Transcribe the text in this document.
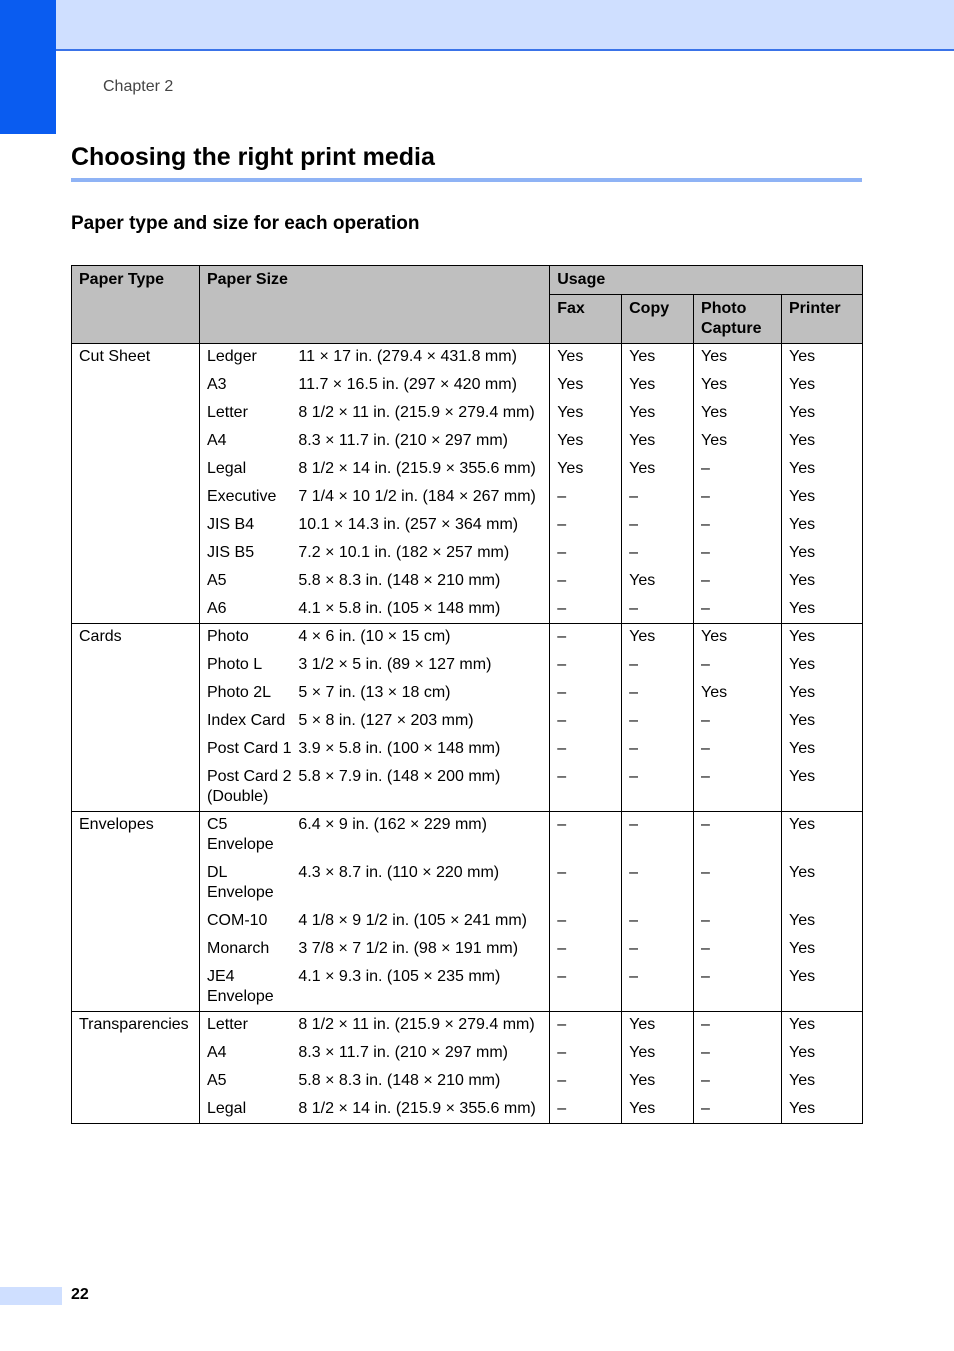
Chapter 2
Choosing the right print media
Paper type and size for each operation
Paper Type	Paper Size		Usage			
			Fax	Copy	Photo Capture	Printer
Cut Sheet	Ledger	11 × 17 in. (279.4 × 431.8 mm)	Yes	Yes	Yes	Yes
	A3	11.7 × 16.5 in. (297 × 420 mm)	Yes	Yes	Yes	Yes
	Letter	8 1/2 × 11 in. (215.9 × 279.4 mm)	Yes	Yes	Yes	Yes
	A4	8.3 × 11.7 in. (210 × 297 mm)	Yes	Yes	Yes	Yes
	Legal	8 1/2 × 14 in. (215.9 × 355.6 mm)	Yes	Yes	–	Yes
	Executive	7 1/4 × 10 1/2 in. (184 × 267 mm)	–	–	–	Yes
	JIS B4	10.1 × 14.3 in. (257 × 364 mm)	–	–	–	Yes
	JIS B5	7.2 × 10.1 in. (182 × 257 mm)	–	–	–	Yes
	A5	5.8 × 8.3 in. (148 × 210 mm)	–	Yes	–	Yes
	A6	4.1 × 5.8 in. (105 × 148 mm)	–	–	–	Yes
Cards	Photo	4 × 6 in. (10 × 15 cm)	–	Yes	Yes	Yes
	Photo L	3 1/2 × 5 in. (89 × 127 mm)	–	–	–	Yes
	Photo 2L	5 × 7 in. (13 × 18 cm)	–	–	Yes	Yes
	Index Card	5 × 8 in. (127 × 203 mm)	–	–	–	Yes
	Post Card 1	3.9 × 5.8 in. (100 × 148 mm)	–	–	–	Yes
	Post Card 2 (Double)	5.8 × 7.9 in. (148 × 200 mm)	–	–	–	Yes
Envelopes	C5 Envelope	6.4 × 9 in. (162 × 229 mm)	–	–	–	Yes
	DL Envelope	4.3 × 8.7 in. (110 × 220 mm)	–	–	–	Yes
	COM-10	4 1/8 × 9 1/2 in. (105 × 241 mm)	–	–	–	Yes
	Monarch	3 7/8 × 7 1/2 in. (98 × 191 mm)	–	–	–	Yes
	JE4 Envelope	4.1 × 9.3 in. (105 × 235 mm)	–	–	–	Yes
Transparencies	Letter	8 1/2 × 11 in. (215.9 × 279.4 mm)	–	Yes	–	Yes
	A4	8.3 × 11.7 in. (210 × 297 mm)	–	Yes	–	Yes
	A5	5.8 × 8.3 in. (148 × 210 mm)	–	Yes	–	Yes
	Legal	8 1/2 × 14 in. (215.9 × 355.6 mm)	–	Yes	–	Yes
22
